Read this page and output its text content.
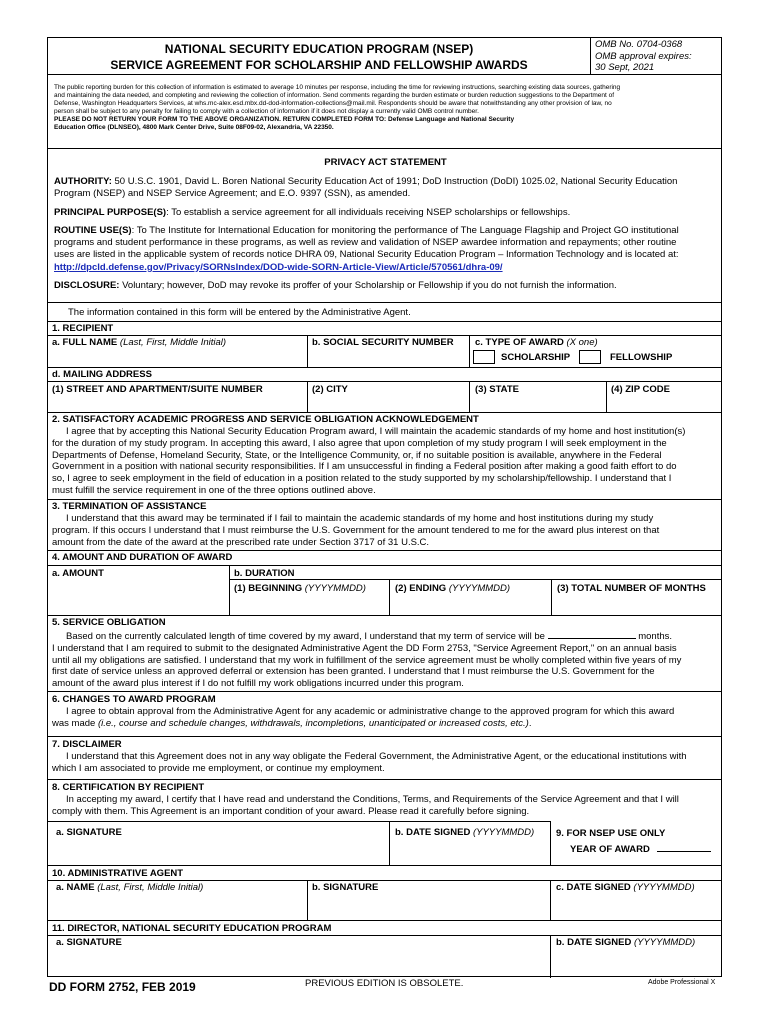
NATIONAL SECURITY EDUCATION PROGRAM (NSEP)
SERVICE AGREEMENT FOR SCHOLARSHIP AND FELLOWSHIP AWARDS
OMB No. 0704-0368
OMB approval expires:
30 Sept, 2021
The public reporting burden for this collection of information is estimated to average 10 minutes per response, including the time for reviewing instructions, searching existing data sources, gathering
and maintaining the data needed, and completing and reviewing the collection of information. Send comments regarding the burden estimate or burden reduction suggestions to the Department of
Defense, Washington Headquarters Services, at whs.mc-alex.esd.mbx.dd-dod-information-collections@mail.mil. Respondents should be aware that notwithstanding any other provision of law, no
person shall be subject to any penalty for failing to comply with a collection of information if it does not display a currently valid OMB control number.
PLEASE DO NOT RETURN YOUR FORM TO THE ABOVE ORGANIZATION. RETURN COMPLETED FORM TO: Defense Language and National Security
Education Office (DLNSEO), 4800 Mark Center Drive, Suite 08F09-02, Alexandria, VA 22350.
PRIVACY ACT STATEMENT
AUTHORITY: 50 U.S.C. 1901, David L. Boren National Security Education Act of 1991; DoD Instruction (DoDI) 1025.02, National Security Education
Program (NSEP) and NSEP Service Agreement; and E.O. 9397 (SSN), as amended.
PRINCIPAL PURPOSE(S): To establish a service agreement for all individuals receiving NSEP scholarships or fellowships.
ROUTINE USE(S): To The Institute for International Education for monitoring the performance of The Language Flagship and Project GO institutional
programs and student performance in these programs, as well as review and validation of NSEP awardee information and repayments; other routine
uses are listed in the applicable system of records notice DHRA 09, National Security Education Program – Information Technology and is located at:
http://dpcld.defense.gov/Privacy/SORNsIndex/DOD-wide-SORN-Article-View/Article/570561/dhra-09/
DISCLOSURE: Voluntary; however, DoD may revoke its proffer of your Scholarship or Fellowship if you do not furnish the information.
The information contained in this form will be entered by the Administrative Agent.
1. RECIPIENT
a. FULL NAME (Last, First, Middle Initial)	b. SOCIAL SECURITY NUMBER c. TYPE OF AWARD (X one)
SCHOLARSHIP	FELLOWSHIP
d. MAILING ADDRESS
(1) STREET AND APARTMENT/SUITE NUMBER	(2) CITY	(3) STATE	(4) ZIP CODE
2. SATISFACTORY ACADEMIC PROGRESS AND SERVICE OBLIGATION ACKNOWLEDGEMENT
I agree that by accepting this National Security Education Program award, I will maintain the academic standards of my home and host institution(s)
for the duration of my study program. In accepting this award, I also agree that upon completion of my study program I will seek employment in the
Departments of Defense, Homeland Security, State, or the Intelligence Community, or, if no suitable position is available, anywhere in the Federal
Government in a position with national security responsibilities. If I am unsuccessful in finding a Federal position after making a good faith effort to do
so, I agree to seek employment in the field of education in a position related to the study supported by my scholarship/fellowship. I understand that I
must fulfill the service requirement in one of the three options outlined above.
3. TERMINATION OF ASSISTANCE
I understand that this award may be terminated if I fail to maintain the academic standards of my home and host institutions during my study
program. If this occurs I understand that I must reimburse the U.S. Government for the amount tendered to me for the award plus interest on that
amount from the date of the award at the prescribed rate under Section 3717 of 31 U.S.C.
4. AMOUNT AND DURATION OF AWARD
a. AMOUNT	b. DURATION
(1) BEGINNING (YYYYMMDD)	(2) ENDING (YYYYMMDD)	(3) TOTAL NUMBER OF MONTHS
5. SERVICE OBLIGATION
Based on the currently calculated length of time covered by my award, I understand that my term of service will be	months.
I understand that I am required to submit to the designated Administrative Agent the DD Form 2753, "Service Agreement Report," on an annual basis
until all my obligations are satisfied. I understand that my work in fulfillment of the service agreement must be wholly completed within five years of my
first date of service unless an approved deferral or extension has been granted. I understand that I must reimburse the U.S. Government for the
amount of the award plus interest if I do not fulfill my work obligations incurred under this program.
6. CHANGES TO AWARD PROGRAM
I agree to obtain approval from the Administrative Agent for any academic or administrative change to the approved program for which this award
was made (i.e., course and schedule changes, withdrawals, incompletions, unanticipated or increased costs, etc.).
7. DISCLAIMER
I understand that this Agreement does not in any way obligate the Federal Government, the Administrative Agent, or the educational institutions with
which I am associated to provide me employment, or continue my employment.
8. CERTIFICATION BY RECIPIENT
In accepting my award, I certify that I have read and understand the Conditions, Terms, and Requirements of the Service Agreement and that I will
comply with them. This Agreement is an important condition of your award. Please read it carefully before signing.
a. SIGNATURE	b. DATE SIGNED (YYYYMMDD) 9. FOR NSEP USE ONLY
YEAR OF AWARD
10. ADMINISTRATIVE AGENT
a. NAME (Last, First, Middle Initial)	b. SIGNATURE	c. DATE SIGNED (YYYYMMDD)
11. DIRECTOR, NATIONAL SECURITY EDUCATION PROGRAM
a. SIGNATURE	b. DATE SIGNED (YYYYMMDD)
DD FORM 2752, FEB 2019	PREVIOUS EDITION IS OBSOLETE.	Adobe Professional X
